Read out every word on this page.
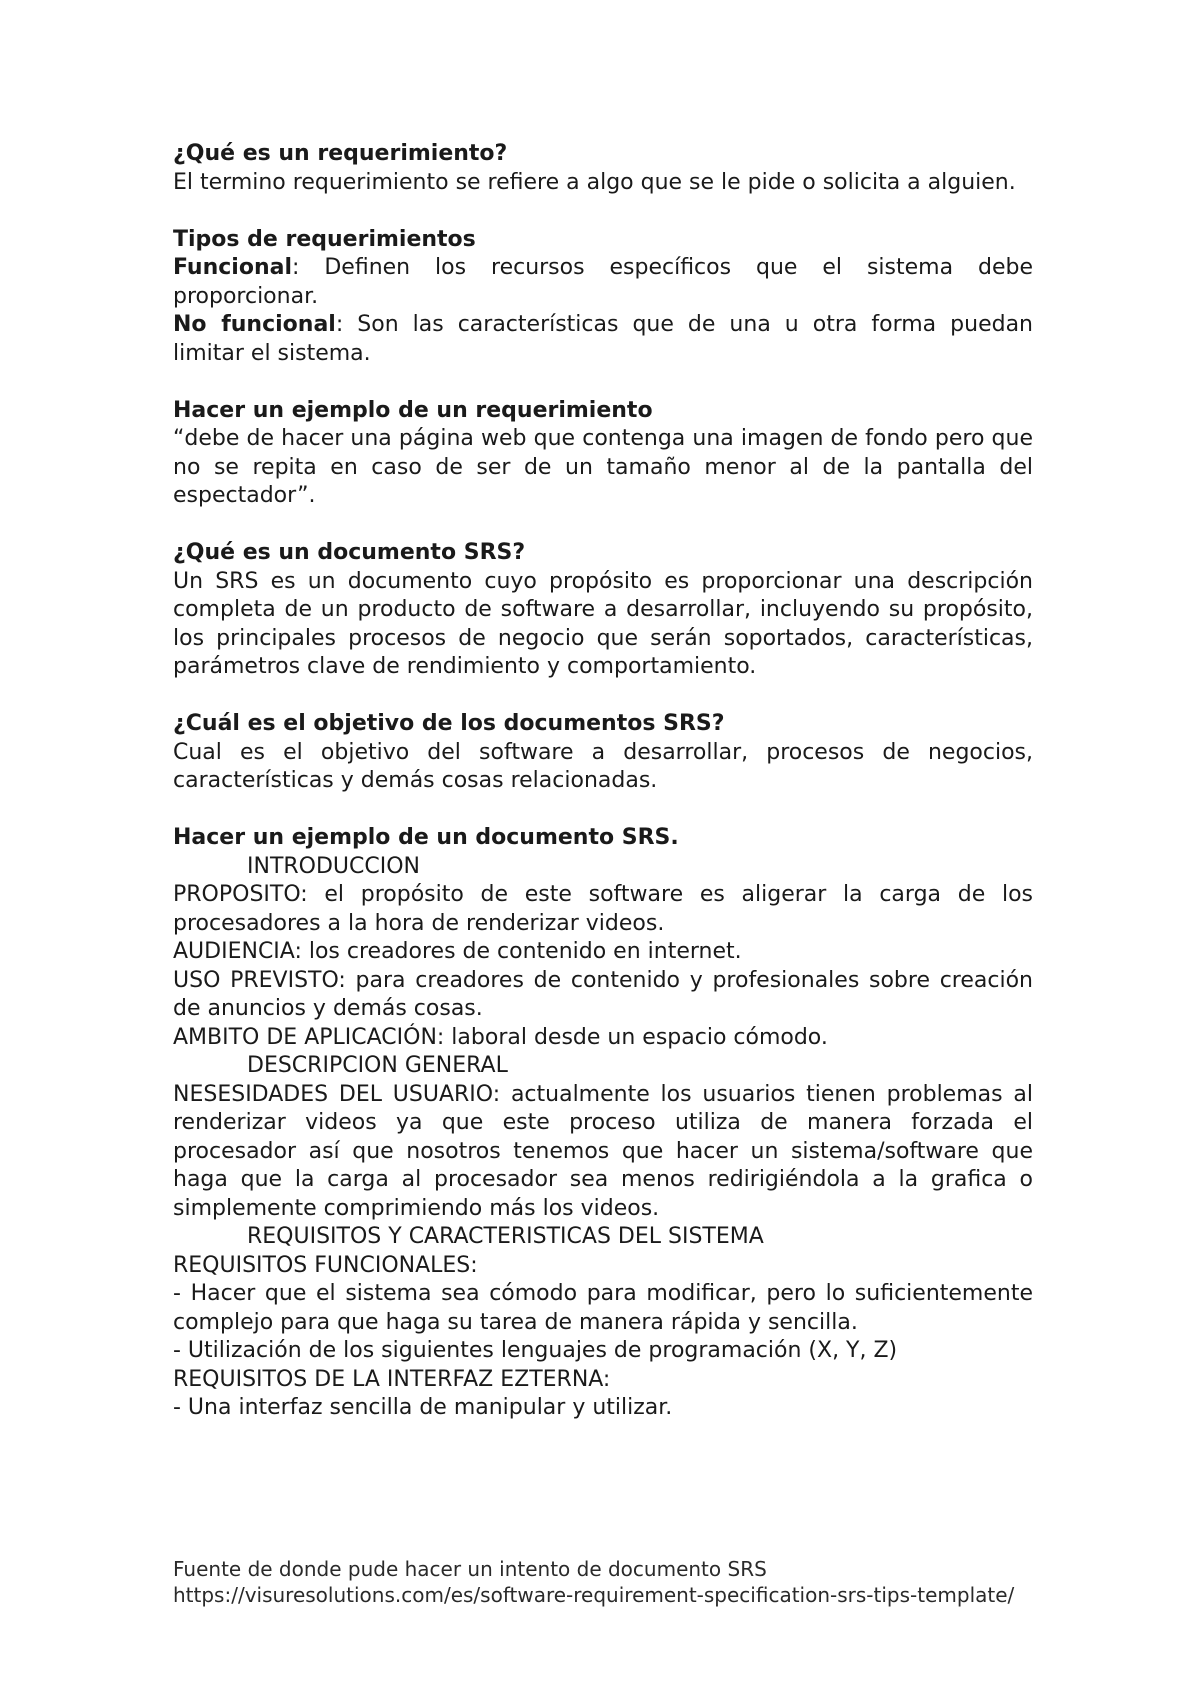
¿Qué es un requerimiento?

El termino requerimiento se refiere a algo que se le pide o solicita a alguien.

Tipos de requerimientos

Funcional: Definen los recursos específicos que el sistema debe proporcionar.

No funcional: Son las características que de una u otra forma puedan limitar el sistema.

Hacer un ejemplo de un requerimiento

“debe de hacer una página web que contenga una imagen de fondo pero que no se repita en caso de ser de un tamaño menor al de la pantalla del espectador”.

¿Qué es un documento SRS?

Un SRS es un documento cuyo propósito es proporcionar una descripción completa de un producto de software a desarrollar, incluyendo su propósito, los principales procesos de negocio que serán soportados, características, parámetros clave de rendimiento y comportamiento.

¿Cuál es el objetivo de los documentos SRS?

Cual es el objetivo del software a desarrollar, procesos de negocios, características y demás cosas relacionadas.

Hacer un ejemplo de un documento SRS.

INTRODUCCION

PROPOSITO: el propósito de este software es aligerar la carga de los procesadores a la hora de renderizar videos.

AUDIENCIA: los creadores de contenido en internet.

USO PREVISTO: para creadores de contenido y profesionales sobre creación de anuncios y demás cosas.

AMBITO DE APLICACIÓN: laboral desde un espacio cómodo.

DESCRIPCION GENERAL

NESESIDADES DEL USUARIO: actualmente los usuarios tienen problemas al renderizar videos ya que este proceso utiliza de manera forzada el procesador así que nosotros tenemos que hacer un sistema/software que haga que la carga al procesador sea menos redirigiéndola a la grafica o simplemente comprimiendo más los videos.

REQUISITOS Y CARACTERISTICAS DEL SISTEMA

REQUISITOS FUNCIONALES:

- Hacer que el sistema sea cómodo para modificar, pero lo suficientemente complejo para que haga su tarea de manera rápida y sencilla.

- Utilización de los siguientes lenguajes de programación (X, Y, Z)

REQUISITOS DE LA INTERFAZ EZTERNA:

- Una interfaz sencilla de manipular y utilizar.

Fuente de donde pude hacer un intento de documento SRS

https://visuresolutions.com/es/software-requirement-specification-srs-tips-template/
